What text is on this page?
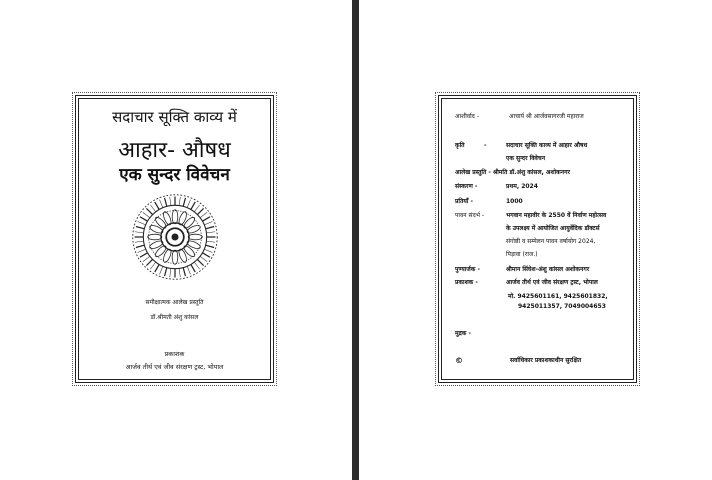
सदाचार सूक्ति काव्य में
आहार- औषध
एक सुन्दर विवेचन
समीक्षात्मक आलेख प्रस्तुति
डॉ.श्रीमती अंशु कांसल
प्रकाशक
आर्जव तीर्थ एवं जीव संरक्षण ट्रस्ट, भोपाल
आशीर्वाद -	आचार्य श्री आर्जवसागरजी महाराज
कृति	-	सदाचार सूक्ति काव्य में आहार औषध
एक सुन्दर विवेचन
आलेख प्रस्तुति - श्रीमति डॉ.अंशु कांसल, अशोकनगर
संस्करण -	प्रथम, 2024
प्रतियाँ -	1000
पावन संदर्भ -	भगवान महावीर के 2550 वें निर्वाण महोत्सव
के उपलक्ष्य में आयोजित आयुर्वेदिक डॉक्टर्स
संगोष्ठी व सम्मेलन पावन वर्षायोग 2024,
पिड़ावा (राज.)
पुण्यार्जक -	श्रीमान सिंघेश-अंशु कांसल अशोकनगर
प्रकाशक -	आर्जव तीर्थ एवं जीव संरक्षण ट्रस्ट, भोपाल
मो. 9425601161, 9425601832,
9425011357, 7049004653
मुद्रक -
©	सर्वाधिकार प्रकाशकाधीन सुरक्षित
